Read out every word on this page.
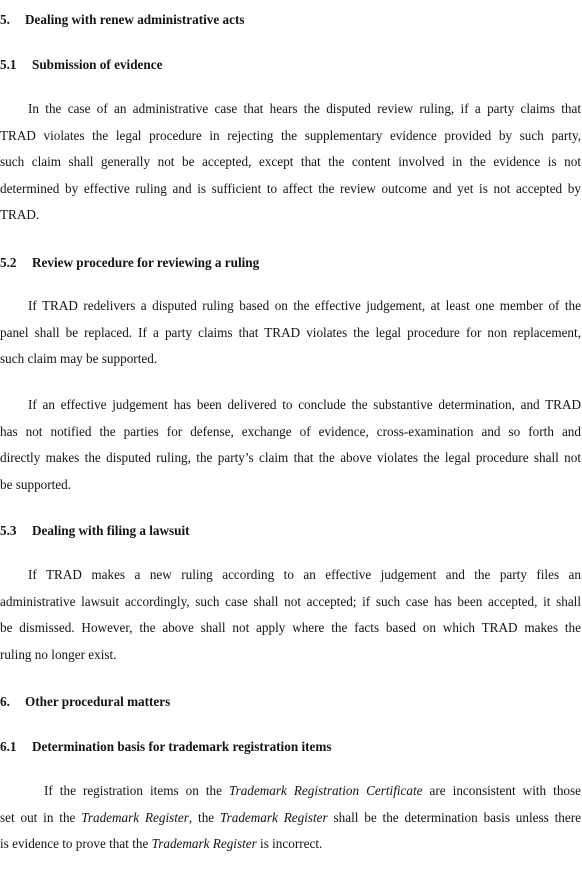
5. Dealing with renew administrative acts
5.1 Submission of evidence
In the case of an administrative case that hears the disputed review ruling, if a party claims that
TRAD violates the legal procedure in rejecting the supplementary evidence provided by such party,
such claim shall generally not be accepted, except that the content involved in the evidence is not
determined by effective ruling and is sufficient to affect the review outcome and yet is not accepted by
TRAD.
5.2 Review procedure for reviewing a ruling
If TRAD redelivers a disputed ruling based on the effective judgement, at least one member of the
panel shall be replaced. If a party claims that TRAD violates the legal procedure for non replacement,
such claim may be supported.
If an effective judgement has been delivered to conclude the substantive determination, and TRAD
has not notified the parties for defense, exchange of evidence, cross-examination and so forth and
directly makes the disputed ruling, the party’s claim that the above violates the legal procedure shall not
be supported.
5.3 Dealing with filing a lawsuit
If TRAD makes a new ruling according to an effective judgement and the party files an
administrative lawsuit accordingly, such case shall not accepted; if such case has been accepted, it shall
be dismissed. However, the above shall not apply where the facts based on which TRAD makes the
ruling no longer exist.
6. Other procedural matters
6.1 Determination basis for trademark registration items
If the registration items on the Trademark Registration Certificate are inconsistent with those
set out in the Trademark Register, the Trademark Register shall be the determination basis unless there
is evidence to prove that the Trademark Register is incorrect.
